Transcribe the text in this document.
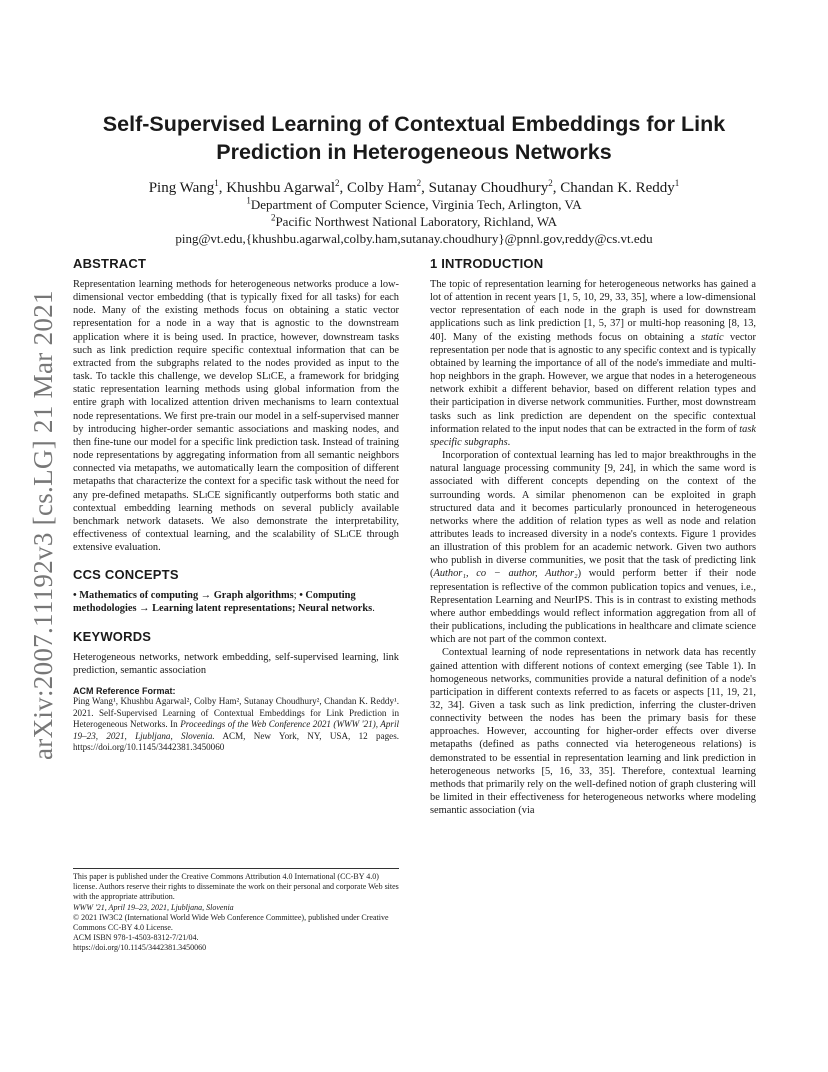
arXiv:2007.11192v3 [cs.LG] 21 Mar 2021
Self-Supervised Learning of Contextual Embeddings for Link Prediction in Heterogeneous Networks
Ping Wang$^1$, Khushbu Agarwal$^2$, Colby Ham$^2$, Sutanay Choudhury$^2$, Chandan K. Reddy$^1$
$^1$Department of Computer Science, Virginia Tech, Arlington, VA
$^2$Pacific Northwest National Laboratory, Richland, WA
ping@vt.edu,{khushbu.agarwal,colby.ham,sutanay.choudhury}@pnnl.gov,reddy@cs.vt.edu
ABSTRACT

Representation learning methods for heterogeneous networks produce a low-dimensional vector embedding (that is typically fixed for all tasks) for each node. Many of the existing methods focus on obtaining a static vector representation for a node in a way that is agnostic to the downstream application where it is being used. In practice, however, downstream tasks such as link prediction require specific contextual information that can be extracted from the subgraphs related to the nodes provided as input to the task. To tackle this challenge, we develop SLiCE, a framework for bridging static representation learning methods using global information from the entire graph with localized attention driven mechanisms to learn contextual node representations. We first pre-train our model in a self-supervised manner by introducing higher-order semantic associations and masking nodes, and then fine-tune our model for a specific link prediction task. Instead of training node representations by aggregating information from all semantic neighbors connected via metapaths, we automatically learn the composition of different metapaths that characterize the context for a specific task without the need for any pre-defined metapaths. SLiCE significantly outperforms both static and contextual embedding learning methods on several publicly available benchmark network datasets. We also demonstrate the interpretability, effectiveness of contextual learning, and the scalability of SLiCE through extensive evaluation.

CCS CONCEPTS

• Mathematics of computing → Graph algorithms; • Computing methodologies → Learning latent representations; Neural networks.

KEYWORDS

Heterogeneous networks, network embedding, self-supervised learning, link prediction, semantic association

ACM Reference Format:

Ping Wang¹, Khushbu Agarwal², Colby Ham², Sutanay Choudhury², Chandan K. Reddy¹. 2021. Self-Supervised Learning of Contextual Embeddings for Link Prediction in Heterogeneous Networks. In Proceedings of the Web Conference 2021 (WWW '21), April 19–23, 2021, Ljubljana, Slovenia. ACM, New York, NY, USA, 12 pages. https://doi.org/10.1145/3442381.3450060

This paper is published under the Creative Commons Attribution 4.0 International (CC-BY 4.0) license. Authors reserve their rights to disseminate the work on their personal and corporate Web sites with the appropriate attribution.

WWW '21, April 19–23, 2021, Ljubljana, Slovenia

© 2021 IW3C2 (International World Wide Web Conference Committee), published under Creative Commons CC-BY 4.0 License.

ACM ISBN 978-1-4503-8312-7/21/04.

https://doi.org/10.1145/3442381.3450060

1 INTRODUCTION

The topic of representation learning for heterogeneous networks has gained a lot of attention in recent years [1, 5, 10, 29, 33, 35], where a low-dimensional vector representation of each node in the graph is used for downstream applications such as link prediction [1, 5, 37] or multi-hop reasoning [8, 13, 40]. Many of the existing methods focus on obtaining a static vector representation per node that is agnostic to any specific context and is typically obtained by learning the importance of all of the node's immediate and multi-hop neighbors in the graph. However, we argue that nodes in a heterogeneous network exhibit a different behavior, based on different relation types and their participation in diverse network communities. Further, most downstream tasks such as link prediction are dependent on the specific contextual information related to the input nodes that can be extracted in the form of task specific subgraphs.

Incorporation of contextual learning has led to major breakthroughs in the natural language processing community [9, 24], in which the same word is associated with different concepts depending on the context of the surrounding words. A similar phenomenon can be exploited in graph structured data and it becomes particularly pronounced in heterogeneous networks where the addition of relation types as well as node and relation attributes leads to increased diversity in a node's contexts. Figure 1 provides an illustration of this problem for an academic network. Given two authors who publish in diverse communities, we posit that the task of predicting link (Author₁, co − author, Author₂) would perform better if their node representation is reflective of the common publication topics and venues, i.e., Representation Learning and NeurIPS. This is in contrast to existing methods where author embeddings would reflect information aggregation from all of their publications, including the publications in healthcare and climate science which are not part of the common context.

Contextual learning of node representations in network data has recently gained attention with different notions of context emerging (see Table 1). In homogeneous networks, communities provide a natural definition of a node's participation in different contexts referred to as facets or aspects [11, 19, 21, 32, 34]. Given a task such as link prediction, inferring the cluster-driven connectivity between the nodes has been the primary basis for these approaches. However, accounting for higher-order effects over diverse metapaths (defined as paths connected via heterogeneous relations) is demonstrated to be essential in representation learning and link prediction in heterogeneous networks [5, 16, 33, 35]. Therefore, contextual learning methods that primarily rely on the well-defined notion of graph clustering will be limited in their effectiveness for heterogeneous networks where modeling semantic association (via
